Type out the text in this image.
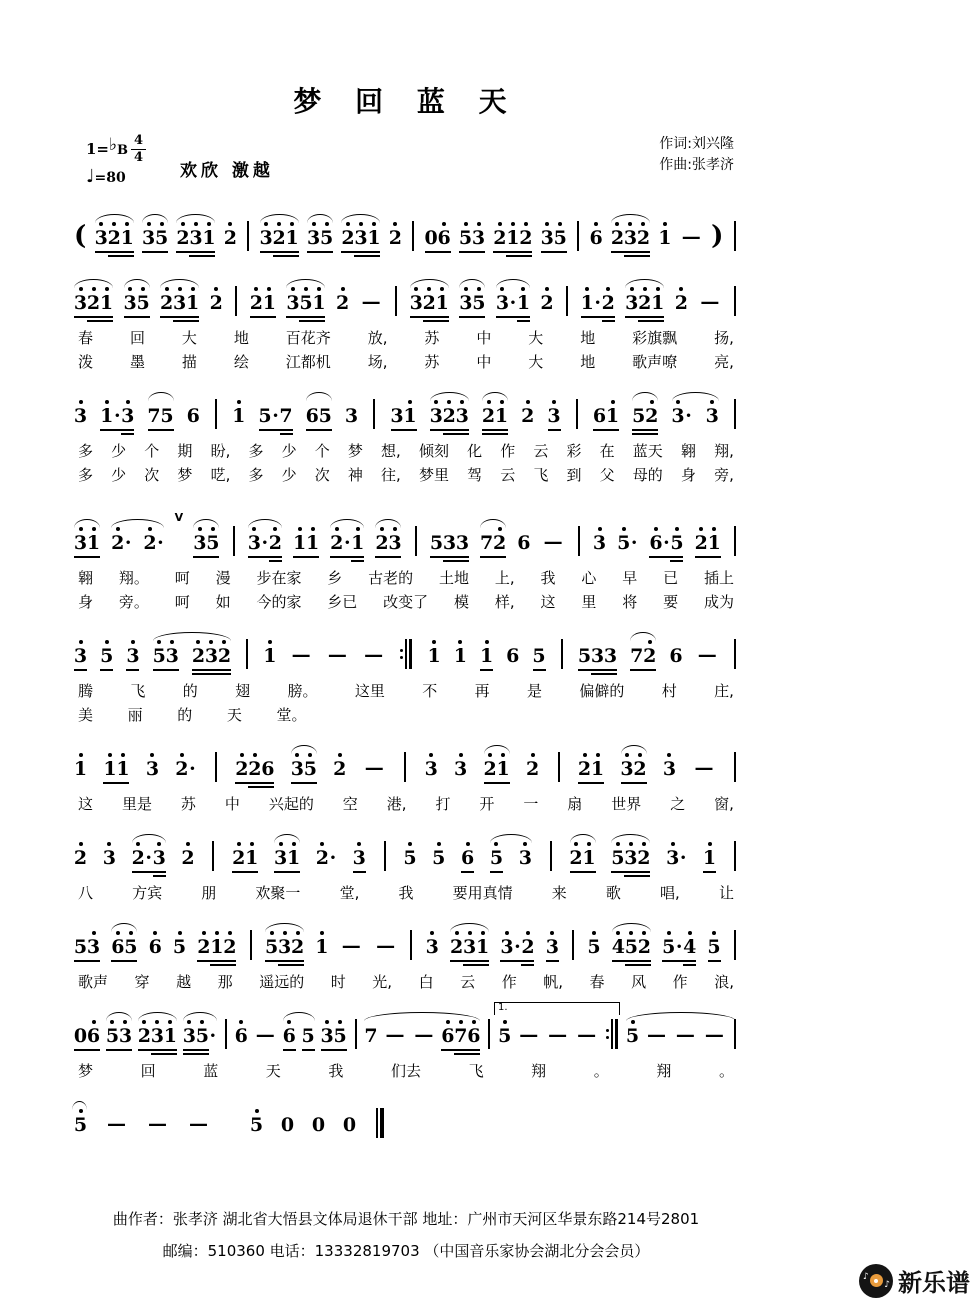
梦 回 蓝 天
1= ♭ B $\frac{4}{4}$
♩=80	欢欣 激越
作词:刘兴隆
作曲:张孝济
( 3 2 1 3 5 2 3 1 2 3 2 1 3 5 2 3 1 2 0 6 5 3 2 1 2 3 5 6 2 3 2 1 — )
3 2 1 3 5 2 3 1 2 2 1 3 5 1 2 — 3 2 1 3 5 3 · 1 2 1 · 2 3 2 1 2 —
春 回 大 地 百花齐 放, 苏 中 大 地 彩旗飘 扬,
泼 墨 描 绘 江都机 场, 苏 中 大 地 歌声嘹 亮,
3 1 · 3 7 5 6 1 5 · 7 6 5 3 3 1 3 2 3 2 1 2 3 6 1 5 2 3 · 3
多 少 个 期 盼, 多 少 个 梦 想, 倾刻 化 作 云 彩 在 蓝天 翱 翔,
多 少 次 梦 呓, 多 少 次 神 往, 梦里 驾 云 飞 到 父 母的 身 旁,
3 1 2 · 2 ·
V
3 5 3 · 2 1 1 2 · 1 2 3 5 3 3 7 2 6 — 3 5 · 6 · 5 2 1
翱 翔。 呵 漫 步在家 乡 古老的 土地 上, 我 心 早 已 插上
身 旁。 呵 如 今的家 乡已 改变了 模 样, 这 里 将 要 成为
3 5 3 5 3 2 3 2 1 — — — 1 1 1 6 5 5 3 3 7 2 6 —
腾 飞 的 翅 膀。 这里 不 再 是 偏僻的 村 庄,
美 丽 的 天 堂。
1 1 1 3 2 · 2 2 6 3 5 2 — 3 3 2 1 2 2 1 3 2 3 —
这 里是 苏 中 兴起的 空 港, 打 开 一 扇 世界 之 窗,
2 3 2 · 3 2 2 1 3 1 2 · 3 5 5 6 5 3 2 1 5 3 2 3 · 1
八	方宾	朋	欢聚一	堂,	我	要用真情	来	歌	唱,	让
5 3 6 5 6 5 2 1 2 5 3 2 1 — — 3 2 3 1 3 · 2 3 5 4 5 2 5 · 4 5
歌声 穿 越 那 遥远的 时 光, 白 云 作 帆, 春 风 作 浪,
0 6 5 3 2 3 1 3 5 · 6 — 6 5 3 5 7 — — 6 7 6 5 — — — 5 — — —
1.
梦	回	蓝	天	我	们去	飞	翔	。	翔	。
5 — — — 5 0 0 0
曲作者：张孝济 湖北省大悟县文体局退休干部 地址：广州市天河区华景东路214号2801
邮编：510360 电话：13332819703 （中国音乐家协会湖北分会会员）
♪
♪ 新乐谱
